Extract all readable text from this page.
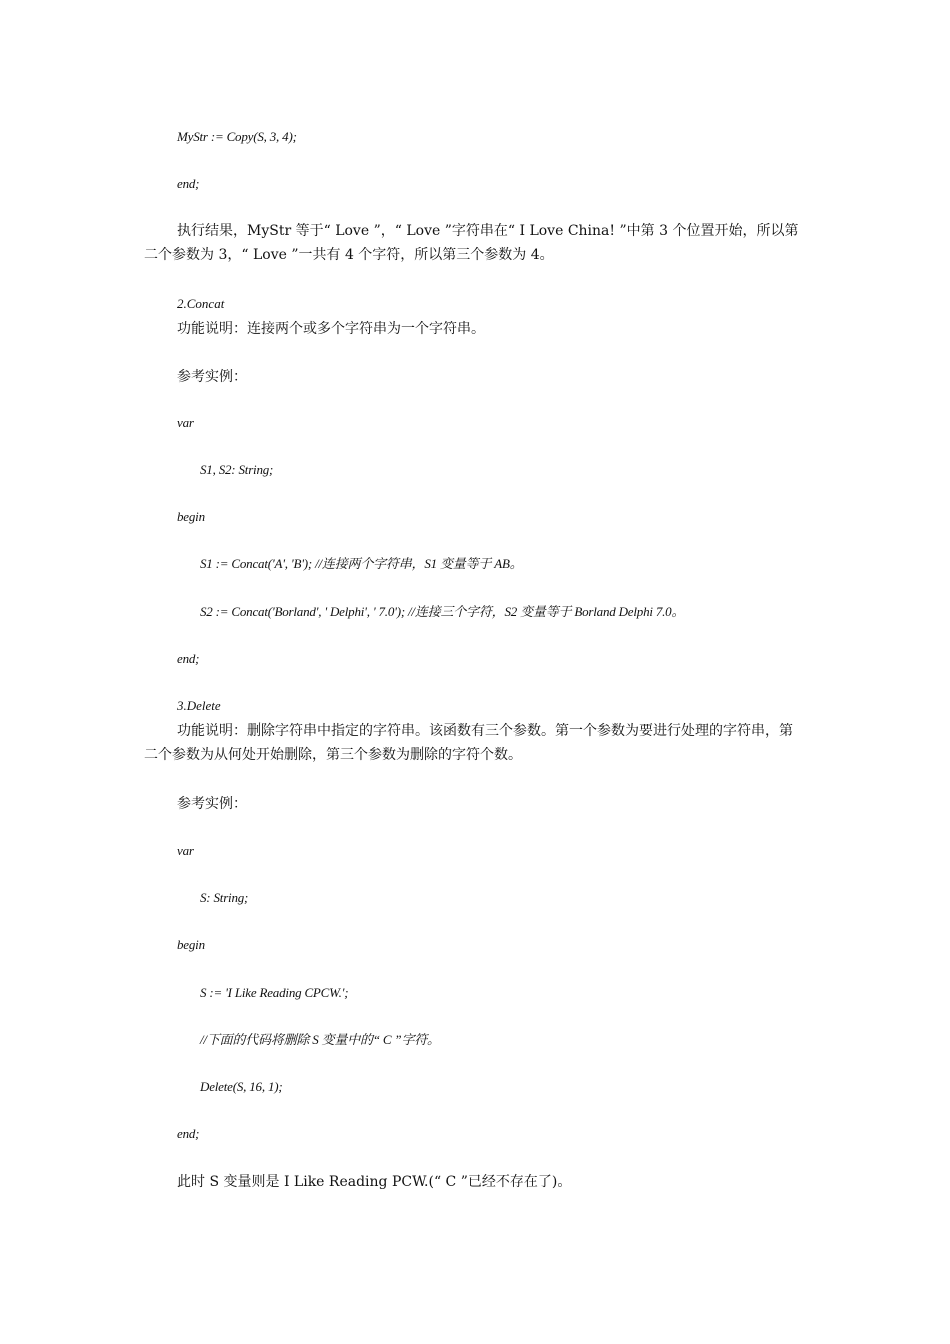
MyStr := Copy(S, 3, 4);
end;
执行结果，MyStr 等于“ Love ”，“ Love ”字符串在“ I Love China! ”中第 3 个位置开始，所以第二个参数为 3，“ Love ”一共有 4 个字符，所以第三个参数为 4。
2.Concat
功能说明：连接两个或多个字符串为一个字符串。
参考实例：
var
S1, S2: String;
begin
S1 := Concat('A', 'B'); //连接两个字符串，S1 变量等于 AB。
S2 := Concat('Borland', ' Delphi', ' 7.0'); //连接三个字符，S2 变量等于 Borland Delphi 7.0。
end;
3.Delete
功能说明：删除字符串中指定的字符串。该函数有三个参数。第一个参数为要进行处理的字符串，第二个参数为从何处开始删除，第三个参数为删除的字符个数。
参考实例：
var
S: String;
begin
S := 'I Like Reading CPCW.';
//下面的代码将删除 S 变量中的“ C ”字符。
Delete(S, 16, 1);
end;
此时 S 变量则是 I Like Reading PCW.(“ C ”已经不存在了)。
